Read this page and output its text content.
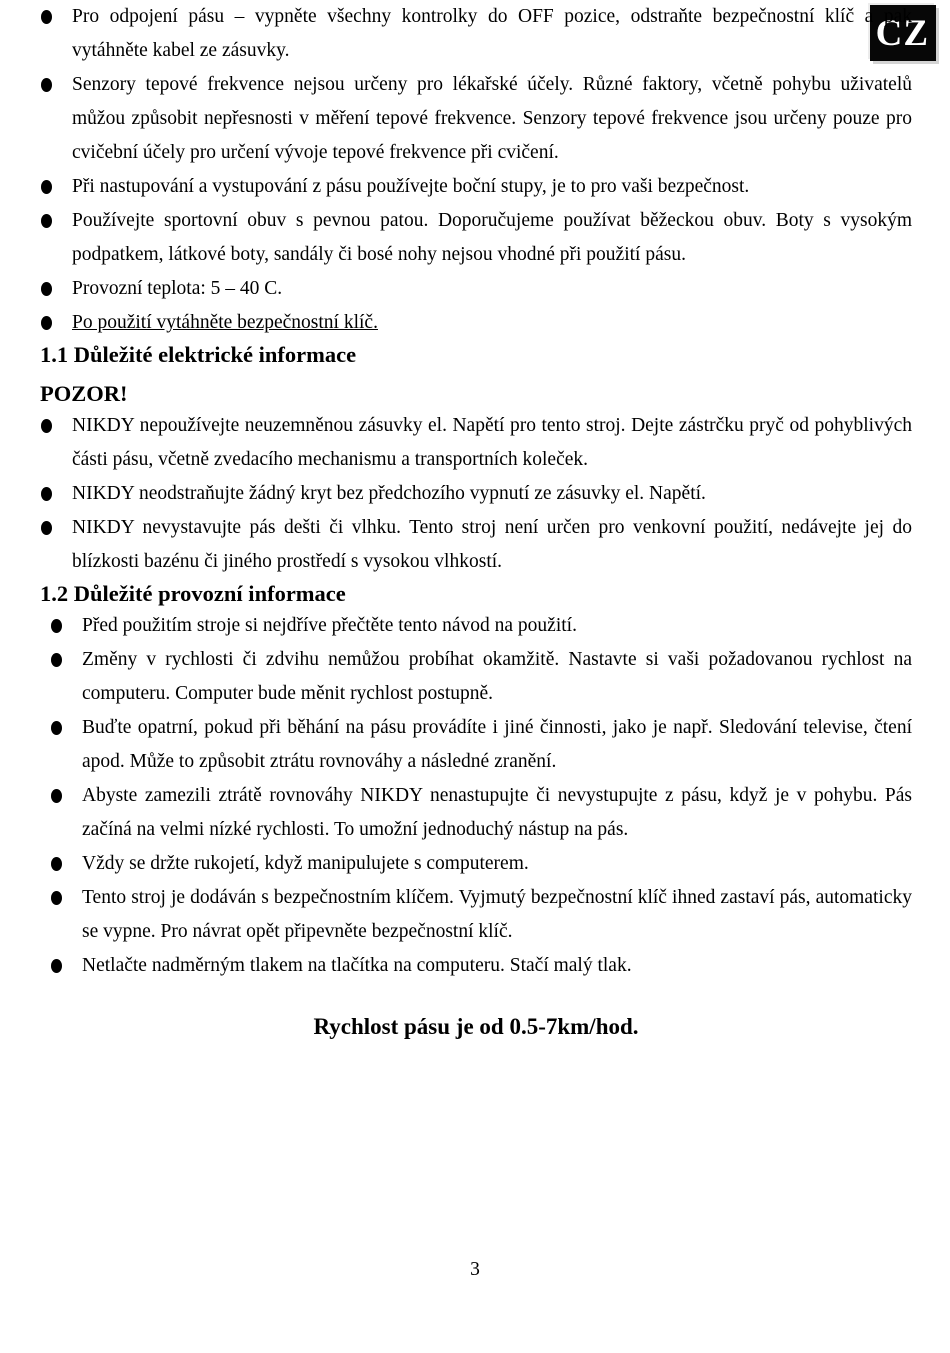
CZ
Pro odpojení pásu – vypněte všechny kontrolky do OFF pozice, odstraňte bezpečnostní klíč a pak vytáhněte kabel ze zásuvky.
Senzory tepové frekvence nejsou určeny pro lékařské účely. Různé faktory, včetně pohybu uživatelů můžou způsobit nepřesnosti v měření tepové frekvence. Senzory tepové frekvence jsou určeny pouze pro cvičební účely pro určení vývoje tepové frekvence při cvičení.
Při nastupování a vystupování z pásu používejte boční stupy, je to pro vaši bezpečnost.
Používejte sportovní obuv s pevnou patou. Doporučujeme používat běžeckou obuv. Boty s vysokým podpatkem, látkové boty, sandály či bosé nohy nejsou vhodné při použití pásu.
Provozní teplota: 5 – 40 C.
Po použití vytáhněte bezpečnostní klíč.
1.1 Důležité elektrické informace
POZOR!
NIKDY nepoužívejte neuzemněnou zásuvky el. Napětí pro tento stroj. Dejte zástrčku pryč od pohyblivých části pásu, včetně zvedacího mechanismu a transportních koleček.
NIKDY neodstraňujte žádný kryt bez předchozího vypnutí ze zásuvky el. Napětí.
NIKDY nevystavujte pás dešti či vlhku. Tento stroj není určen pro venkovní použití, nedávejte jej do blízkosti bazénu či jiného prostředí s vysokou vlhkostí.
1.2 Důležité provozní informace
Před použitím stroje si nejdříve přečtěte tento návod na použití.
Změny v rychlosti či zdvihu nemůžou probíhat okamžitě. Nastavte si vaši požadovanou rychlost na computeru. Computer bude měnit rychlost postupně.
Buďte opatrní, pokud při běhání na pásu provádíte i jiné činnosti, jako je např. Sledování televise, čtení apod. Může to způsobit ztrátu rovnováhy a následné zranění.
Abyste zamezili ztrátě rovnováhy NIKDY nenastupujte či nevystupujte z pásu, když je v pohybu. Pás začíná na velmi nízké rychlosti. To umožní jednoduchý nástup na pás.
Vždy se držte rukojetí, když manipulujete s computerem.
Tento stroj je dodáván s bezpečnostním klíčem. Vyjmutý bezpečnostní klíč ihned zastaví pás, automaticky se vypne. Pro návrat opět připevněte bezpečnostní klíč.
Netlačte nadměrným tlakem na tlačítka na computeru. Stačí malý tlak.
Rychlost pásu je od 0.5-7km/hod.
3
